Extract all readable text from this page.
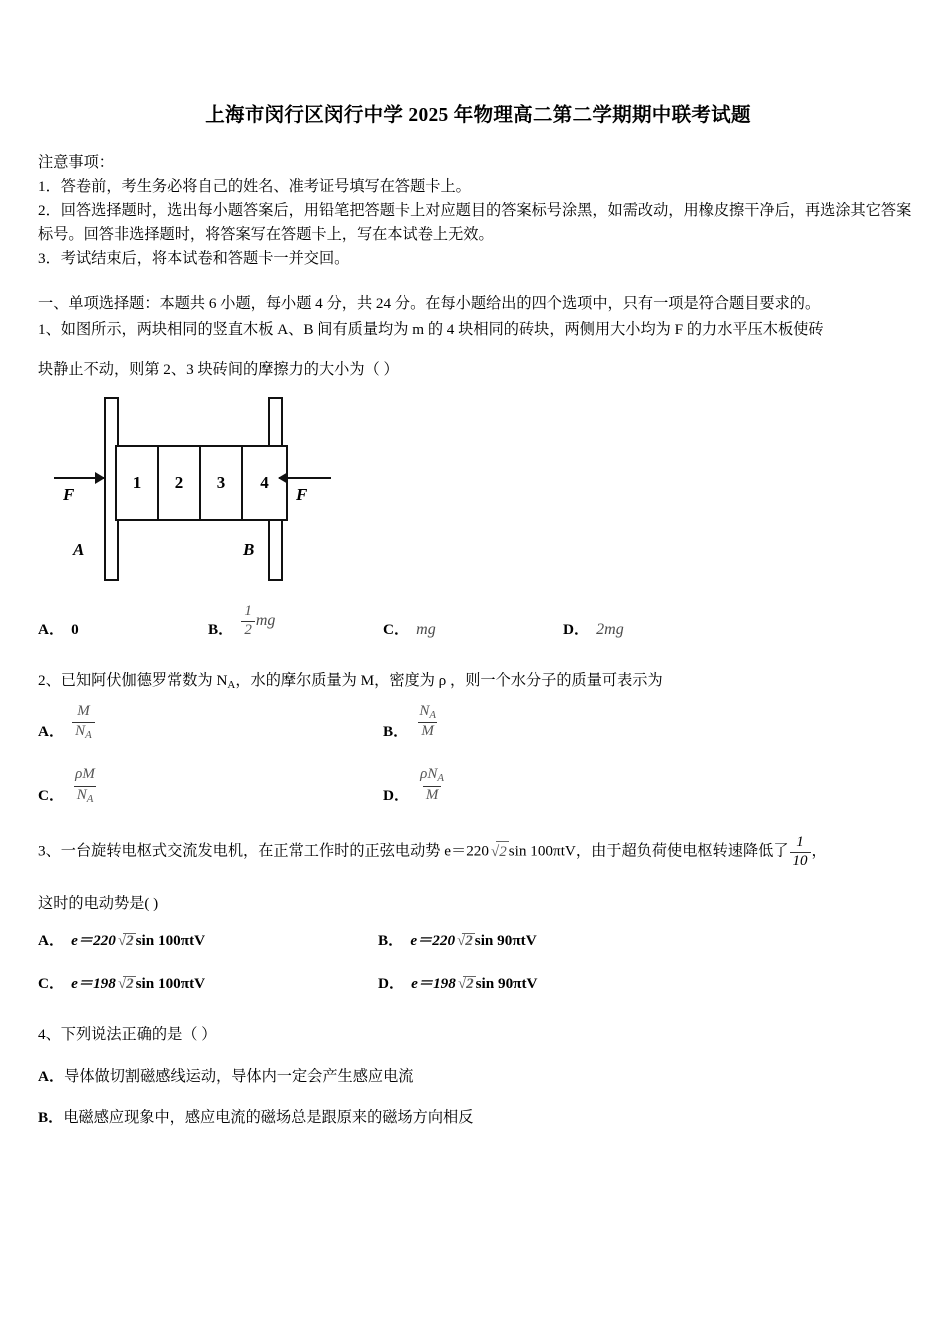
上海市闵行区闵行中学 2025 年物理高二第二学期期中联考试题
注意事项：
1．答卷前，考生务必将自己的姓名、准考证号填写在答题卡上。
2．回答选择题时，选出每小题答案后，用铅笔把答题卡上对应题目的答案标号涂黑，如需改动，用橡皮擦干净后，再选涂其它答案标号。回答非选择题时，将答案写在答题卡上，写在本试卷上无效。
3．考试结束后，将本试卷和答题卡一并交回。
一、单项选择题：本题共 6 小题，每小题 4 分，共 24 分。在每小题给出的四个选项中，只有一项是符合题目要求的。
1、如图所示，两块相同的竖直木板 A、B 间有质量均为 m 的 4 块相同的砖块，两侧用大小均为 F 的力水平压木板使砖
块静止不动，则第 2、3 块砖间的摩擦力的大小为（ ）
1	2	3	4
F	F
A	B
A． 0	B． $\frac{1}{2}$ mg
C． mg	D． 2mg
2、已知阿伏伽德罗常数为 $N_A$，水的摩尔质量为 M，密度为 ρ ，则一个水分子的质量可表示为
A． $\frac{M}{N_A}$	B． $\frac{N_A}{M}$
C． $\frac{\rho M}{N_A}$	D． $\frac{\rho N_A}{M}$
3、一台旋转电枢式交流发电机，在正常工作时的正弦电动势 e＝220 √2 sin 100πtV，由于超负荷使电枢转速降低了 $\frac{1}{10}$ ，
这时的电动势是( )
A． e＝220 √2 sin 100πtV	B． e＝220 √2 sin 90πtV
C． e＝198 √2 sin 100πtV	D． e＝198 √2 sin 90πtV
4、下列说法正确的是（ ）
A．导体做切割磁感线运动，导体内一定会产生感应电流
B．电磁感应现象中，感应电流的磁场总是跟原来的磁场方向相反
